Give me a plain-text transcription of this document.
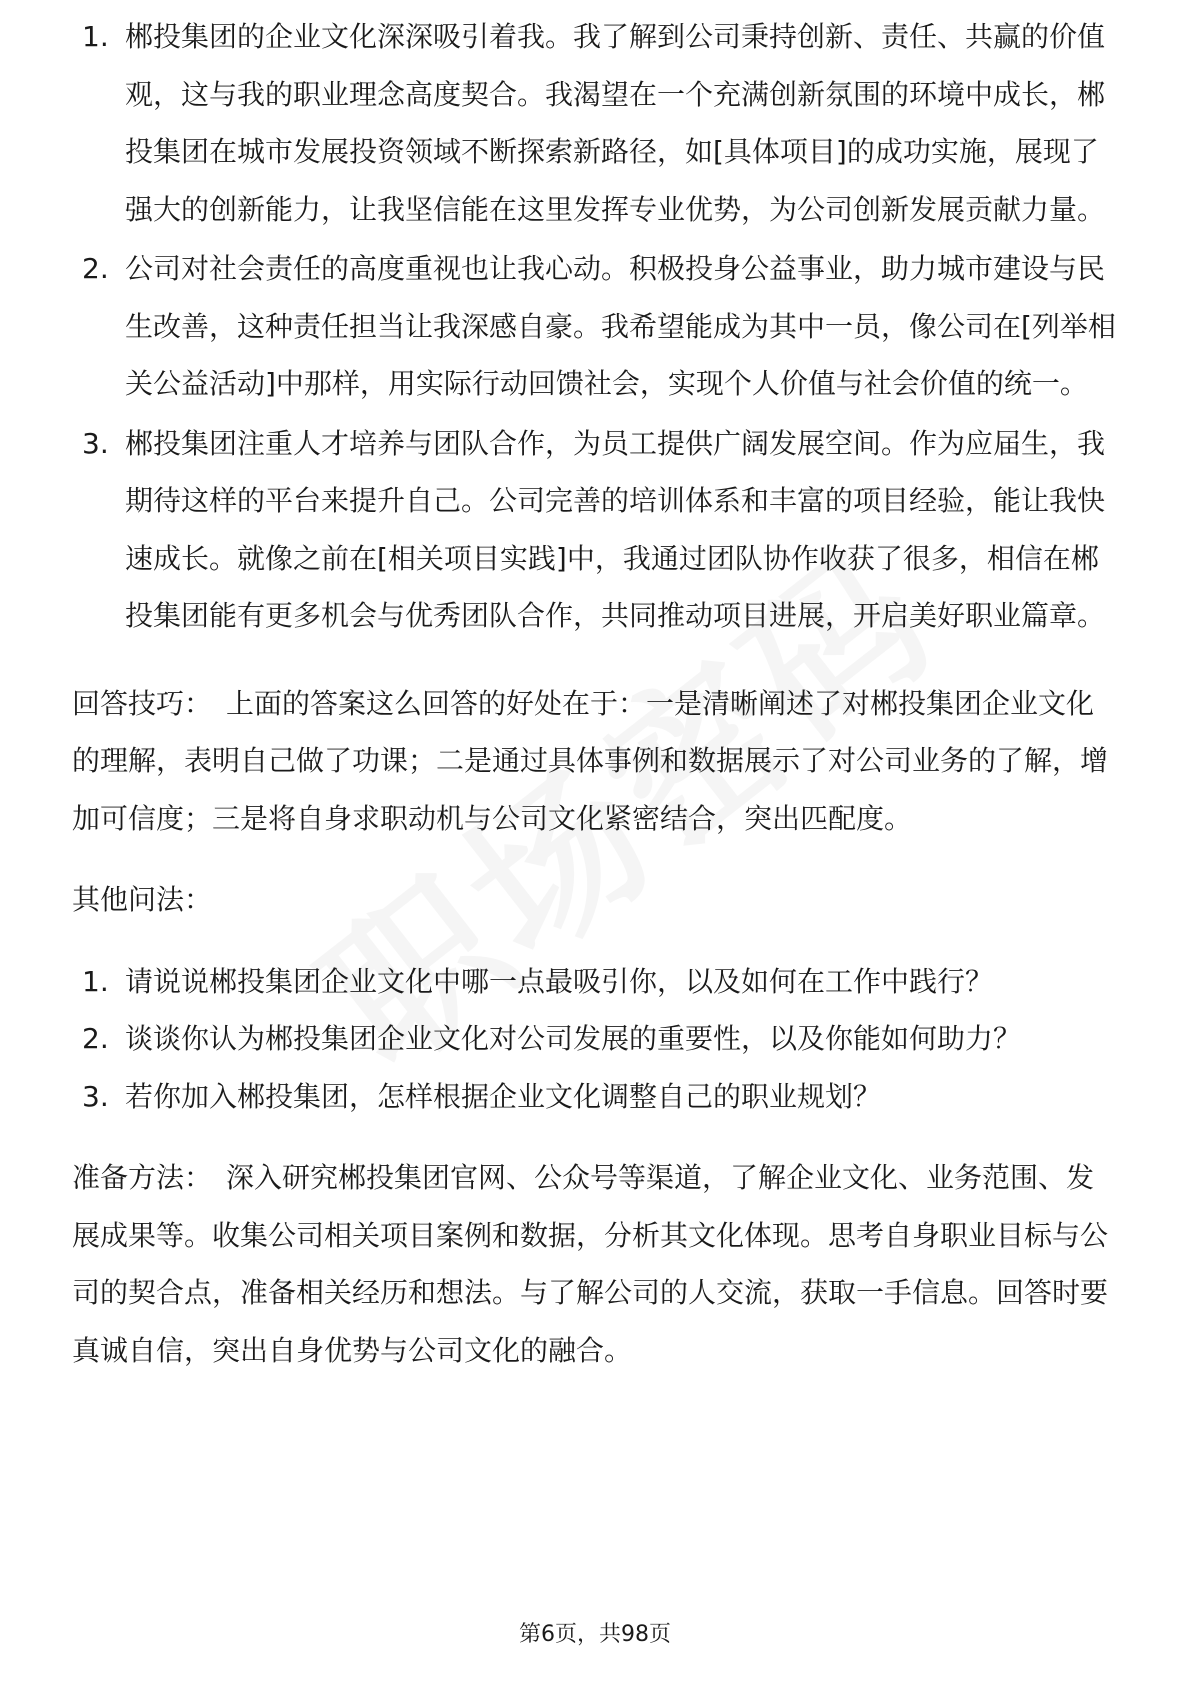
1. 郴投集团的企业文化深深吸引着我。我了解到公司秉持创新、责任、共赢的价值观，这与我的职业理念高度契合。我渴望在一个充满创新氛围的环境中成长，郴投集团在城市发展投资领域不断探索新路径，如[具体项目]的成功实施，展现了强大的创新能力，让我坚信能在这里发挥专业优势，为公司创新发展贡献力量。
2. 公司对社会责任的高度重视也让我心动。积极投身公益事业，助力城市建设与民生改善，这种责任担当让我深感自豪。我希望能成为其中一员，像公司在[列举相关公益活动]中那样，用实际行动回馈社会，实现个人价值与社会价值的统一。
3. 郴投集团注重人才培养与团队合作，为员工提供广阔发展空间。作为应届生，我期待这样的平台来提升自己。公司完善的培训体系和丰富的项目经验，能让我快速成长。就像之前在[相关项目实践]中，我通过团队协作收获了很多，相信在郴投集团能有更多机会与优秀团队合作，共同推动项目进展，开启美好职业篇章。

回答技巧： 上面的答案这么回答的好处在于：一是清晰阐述了对郴投集团企业文化的理解，表明自己做了功课；二是通过具体事例和数据展示了对公司业务的了解，增加可信度；三是将自身求职动机与公司文化紧密结合，突出匹配度。

其他问法：

1. 请说说郴投集团企业文化中哪一点最吸引你，以及如何在工作中践行？
2. 谈谈你认为郴投集团企业文化对公司发展的重要性，以及你能如何助力？
3. 若你加入郴投集团，怎样根据企业文化调整自己的职业规划？

准备方法： 深入研究郴投集团官网、公众号等渠道，了解企业文化、业务范围、发展成果等。收集公司相关项目案例和数据，分析其文化体现。思考自身职业目标与公司的契合点，准备相关经历和想法。与了解公司的人交流，获取一手信息。回答时要真诚自信，突出自身优势与公司文化的融合。

第6页，共98页
